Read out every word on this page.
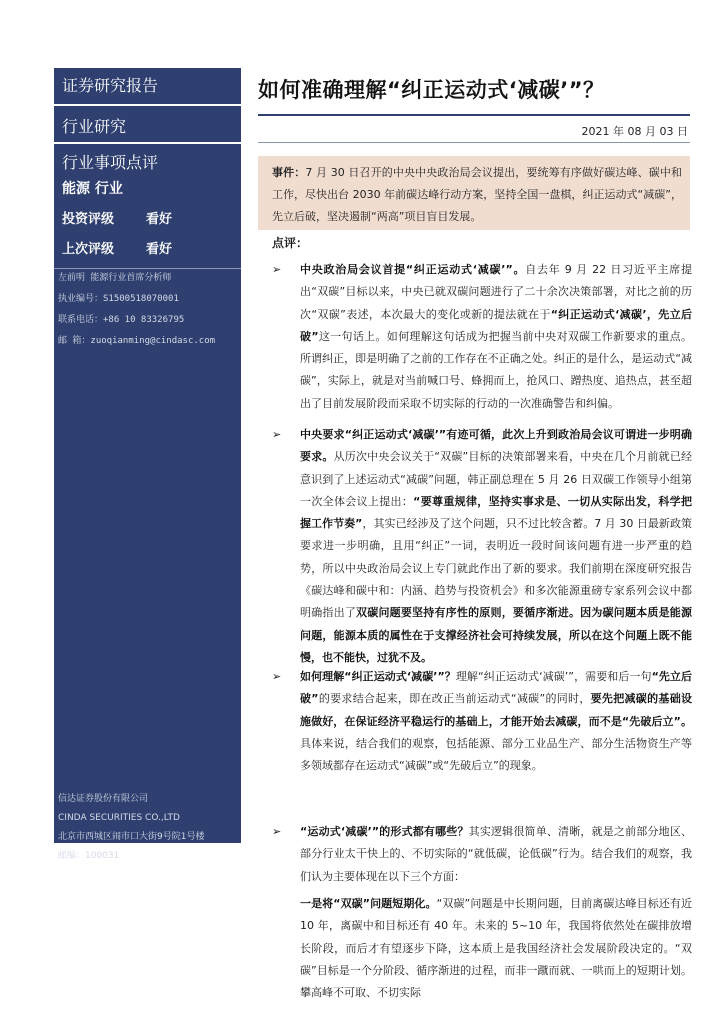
证券研究报告
行业研究
行业事项点评
能源 行业
投资评级 看好
上次评级 看好
左前明 能源行业首席分析师
执业编号：S1500518070001
联系电话：+86 10 83326795
邮 箱：zuoqianming@cindasc.com
信达证券股份有限公司
CINDA SECURITIES CO.,LTD
北京市西城区闹市口大街9号院1号楼
邮编：100031
如何准确理解“纠正运动式‘减碳’”？
2021 年 08 月 03 日
事件：7 月 30 日召开的中央中央政治局会议提出，要统筹有序做好碳达峰、碳中和工作，尽快出台 2030 年前碳达峰行动方案，坚持全国一盘棋，纠正运动式“减碳”，先立后破，坚决遏制“两高”项目盲目发展。
点评：
➢ 中央政治局会议首提“纠正运动式‘减碳’”。自去年 9 月 22 日习近平主席提出“双碳”目标以来，中央已就双碳问题进行了二十余次决策部署，对比之前的历次“双碳”表述，本次最大的变化或新的提法就在于“纠正运动式‘减碳’，先立后破”这一句话上。如何理解这句话成为把握当前中央对双碳工作新要求的重点。所谓纠正，即是明确了之前的工作存在不正确之处。纠正的是什么，是运动式“减碳”，实际上，就是对当前喊口号、蜂拥而上，抢风口、蹭热度、追热点，甚至超出了目前发展阶段而采取不切实际的行动的一次准确警告和纠偏。
➢ 中央要求“纠正运动式‘减碳’”有迹可循，此次上升到政治局会议可谓进一步明确要求。从历次中央会议关于“双碳”目标的决策部署来看，中央在几个月前就已经意识到了上述运动式“减碳”问题，韩正副总理在 5 月 26 日双碳工作领导小组第一次全体会议上提出：“要尊重规律，坚持实事求是、一切从实际出发，科学把握工作节奏”，其实已经涉及了这个问题，只不过比较含蓄。7 月 30 日最新政策要求进一步明确，且用“纠正”一词，表明近一段时间该问题有进一步严重的趋势，所以中央政治局会议上专门就此作出了新的要求。我们前期在深度研究报告《碳达峰和碳中和：内涵、趋势与投资机会》和多次能源重磅专家系列会议中都明确指出了双碳问题要坚持有序性的原则，要循序渐进。因为碳问题本质是能源问题，能源本质的属性在于支撑经济社会可持续发展，所以在这个问题上既不能慢，也不能快，过犹不及。
➢ 如何理解“纠正运动式‘减碳’”？理解“纠正运动式‘减碳’”，需要和后一句“先立后破”的要求结合起来，即在改正当前运动式“减碳”的同时，要先把减碳的基础设施做好，在保证经济平稳运行的基础上，才能开始去减碳，而不是“先破后立”。具体来说，结合我们的观察，包括能源、部分工业品生产、部分生活物资生产等多领域都存在运动式“减碳”或“先破后立”的现象。
➢ “运动式‘减碳’”的形式都有哪些？其实逻辑很简单、清晰，就是之前部分地区、部分行业太干快上的、不切实际的“就低碳，论低碳”行为。结合我们的观察，我们认为主要体现在以下三个方面：
一是将“双碳”问题短期化。“双碳”问题是中长期问题，目前离碳达峰目标还有近 10 年，离碳中和目标还有 40 年。未来的 5~10 年，我国将依然处在碳排放增长阶段，而后才有望逐步下降，这本质上是我国经济社会发展阶段决定的。“双碳”目标是一个分阶段、循序渐进的过程，而非一蹴而就、一哄而上的短期计划。攀高峰不可取、不切实际
